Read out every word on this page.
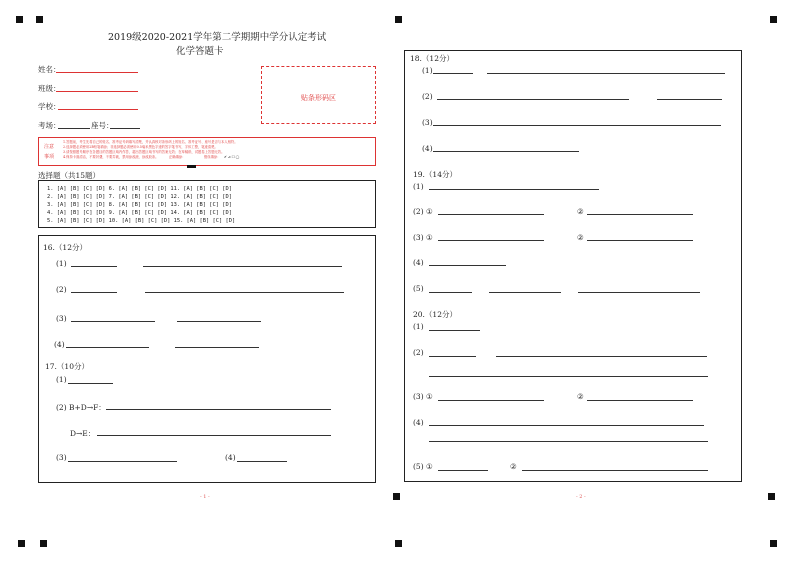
2019级2020-2021学年第二学期期中学分认定考试
化学答题卡
姓名：
班级：
学校：
考场：	座号：
贴条形码区
注意
事项
1.答题前，考生先将自己的姓名、准考证号码填写清楚，并认真核对条形码上的姓名、准考证号、座号是否与本人相符。
2.选择题必须使用2B铅笔填涂；非选择题必须使用0.5毫米黑色字迹的签字笔书写，字体工整，笔迹清楚。
3.请按照题号顺序在各题目的答题区域内作答，超出答题区域书写的答案无效；在草稿纸、试题卷上答题无效。
4.保持卡面清洁，不要折叠，不要弄破，禁用涂改液、涂改胶条。	正确填涂：	错误填涂： ✔ ⊿ ☐ ◯
选择题（共15题）
1. [A] [B] [C] [D] 6. [A] [B] [C] [D] 11. [A] [B] [C] [D]
2. [A] [B] [C] [D] 7. [A] [B] [C] [D] 12. [A] [B] [C] [D]
3. [A] [B] [C] [D] 8. [A] [B] [C] [D] 13. [A] [B] [C] [D]
4. [A] [B] [C] [D] 9. [A] [B] [C] [D] 14. [A] [B] [C] [D]
5. [A] [B] [C] [D] 10. [A] [B] [C] [D] 15. [A] [B] [C] [D]
16.（12分）
(1)
(2)
(3)
(4)
17.（10分）
(1)
(2) B+D→F：
D→E：
(3)	(4)
- 1 -
18.（12分）
(1)
(2)
(3)
(4)
19.（14分）
(1)
(2) ①	②
(3) ①	②
(4)
(5)
20.（12分）
(1)
(2)
(3) ①	②
(4)
(5) ①	②
- 2 -
